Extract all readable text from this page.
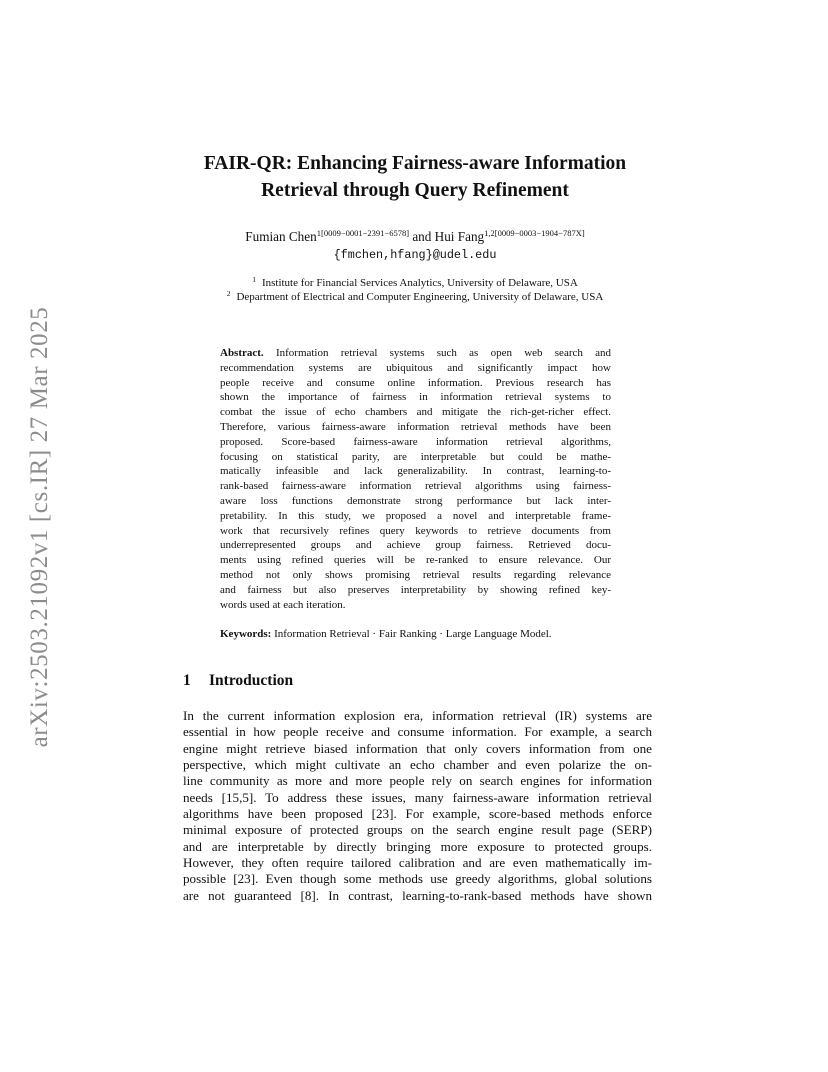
arXiv:2503.21092v1 [cs.IR] 27 Mar 2025
FAIR-QR: Enhancing Fairness-aware Information
Retrieval through Query Refinement
Fumian Chen$^{1[0009-0001-2391-6578]}$ and Hui Fang$^{1,2[0009-0003-1904-787X]}$
{fmchen,hfang}@udel.edu
$^1$ Institute for Financial Services Analytics, University of Delaware, USA
$^2$ Department of Electrical and Computer Engineering, University of Delaware, USA
Abstract. Information retrieval systems such as open web search and
recommendation systems are ubiquitous and significantly impact how
people receive and consume online information. Previous research has
shown the importance of fairness in information retrieval systems to
combat the issue of echo chambers and mitigate the rich-get-richer effect.
Therefore, various fairness-aware information retrieval methods have been
proposed. Score-based fairness-aware information retrieval algorithms,
focusing on statistical parity, are interpretable but could be mathe-
matically infeasible and lack generalizability. In contrast, learning-to-
rank-based fairness-aware information retrieval algorithms using fairness-
aware loss functions demonstrate strong performance but lack inter-
pretability. In this study, we proposed a novel and interpretable frame-
work that recursively refines query keywords to retrieve documents from
underrepresented groups and achieve group fairness. Retrieved docu-
ments using refined queries will be re-ranked to ensure relevance. Our
method not only shows promising retrieval results regarding relevance
and fairness but also preserves interpretability by showing refined key-
words used at each iteration.
Keywords: Information Retrieval · Fair Ranking · Large Language Model.
1 Introduction
In the current information explosion era, information retrieval (IR) systems are
essential in how people receive and consume information. For example, a search
engine might retrieve biased information that only covers information from one
perspective, which might cultivate an echo chamber and even polarize the on-
line community as more and more people rely on search engines for information
needs [15,5]. To address these issues, many fairness-aware information retrieval
algorithms have been proposed [23]. For example, score-based methods enforce
minimal exposure of protected groups on the search engine result page (SERP)
and are interpretable by directly bringing more exposure to protected groups.
However, they often require tailored calibration and are even mathematically im-
possible [23]. Even though some methods use greedy algorithms, global solutions
are not guaranteed [8]. In contrast, learning-to-rank-based methods have shown
